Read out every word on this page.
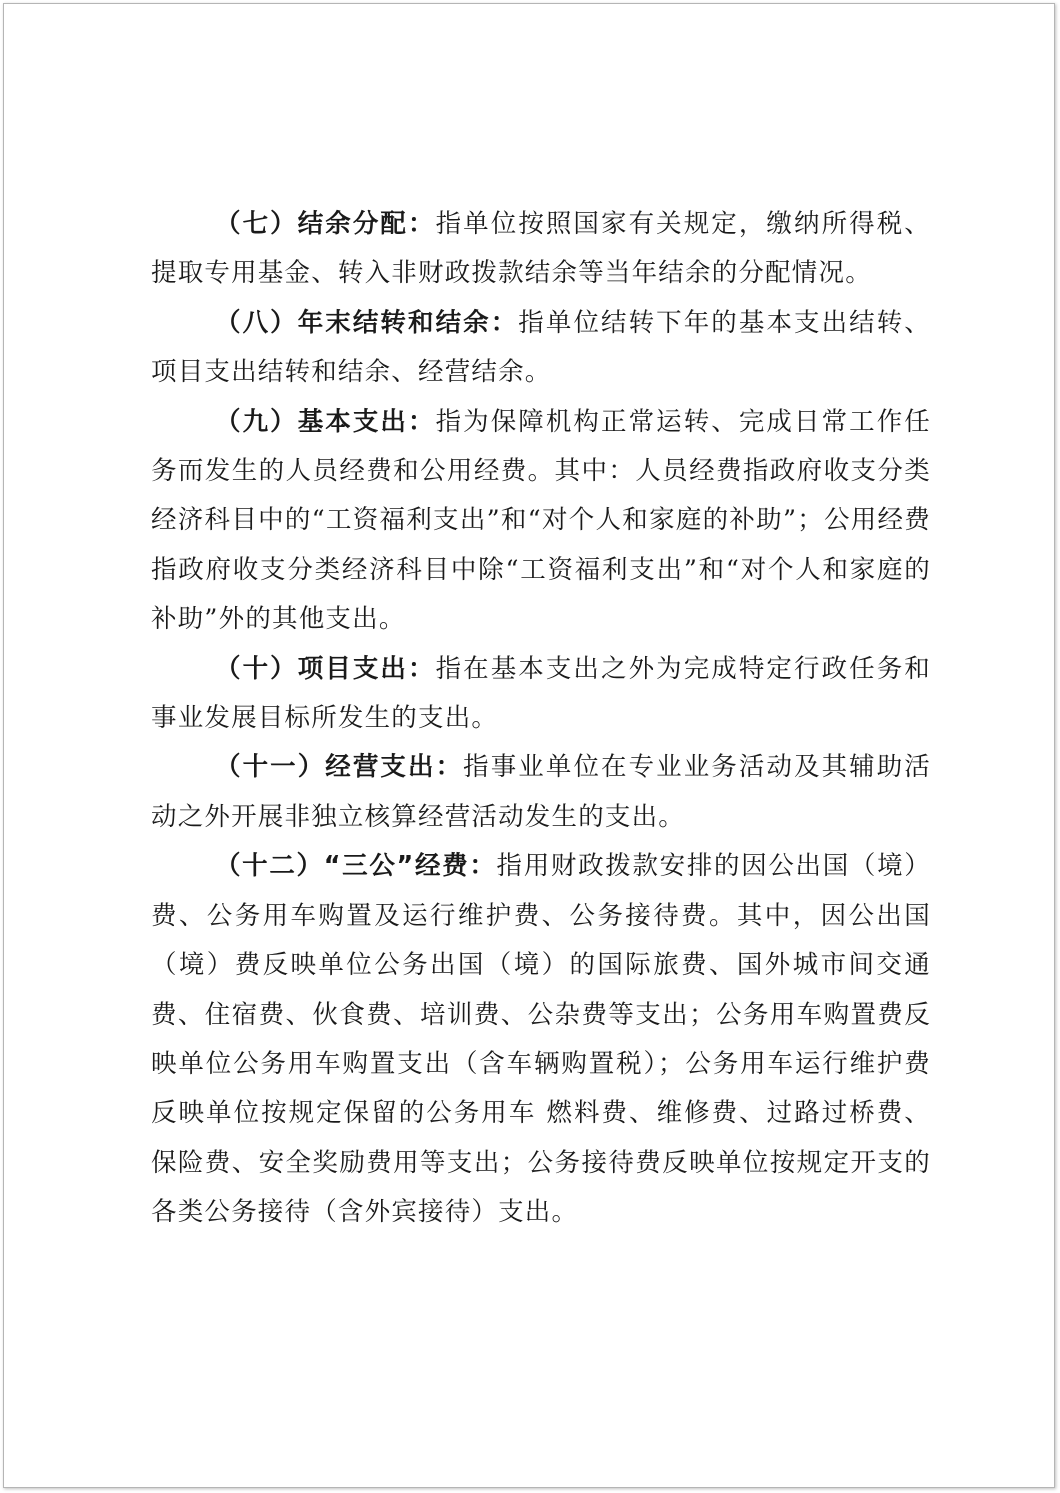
（七）结余分配：指单位按照国家有关规定，缴纳所得税、提取专用基金、转入非财政拨款结余等当年结余的分配情况。

（八）年末结转和结余：指单位结转下年的基本支出结转、项目支出结转和结余、经营结余。

（九）基本支出：指为保障机构正常运转、完成日常工作任务而发生的人员经费和公用经费。其中：人员经费指政府收支分类经济科目中的“工资福利支出”和“对个人和家庭的补助”；公用经费指政府收支分类经济科目中除“工资福利支出”和“对个人和家庭的补助”外的其他支出。

（十）项目支出：指在基本支出之外为完成特定行政任务和事业发展目标所发生的支出。

（十一）经营支出：指事业单位在专业业务活动及其辅助活动之外开展非独立核算经营活动发生的支出。

（十二）“三公”经费：指用财政拨款安排的因公出国（境）费、公务用车购置及运行维护费、公务接待费。其中，因公出国（境）费反映单位公务出国（境）的国际旅费、国外城市间交通费、住宿费、伙食费、培训费、公杂费等支出；公务用车购置费反映单位公务用车购置支出（含车辆购置税）；公务用车运行维护费反映单位按规定保留的公务用车 燃料费、维修费、过路过桥费、保险费、安全奖励费用等支出；公务接待费反映单位按规定开支的各类公务接待（含外宾接待）支出。
